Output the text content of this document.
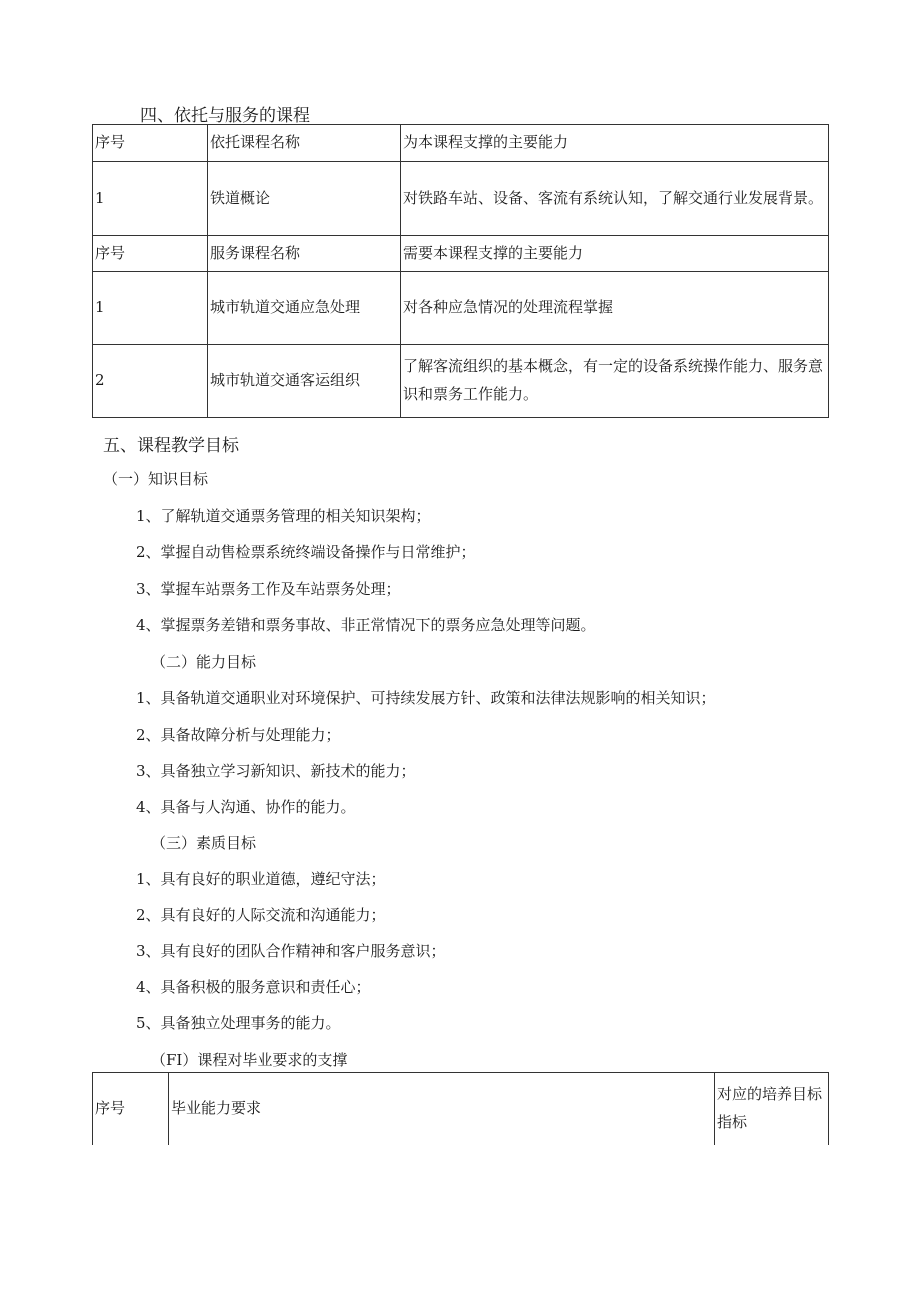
四、依托与服务的课程
序号	依托课程名称	为本课程支撑的主要能力
1	铁道概论	对铁路车站、设备、客流有系统认知，了解交通行业发展背景。
序号	服务课程名称	需要本课程支撑的主要能力
1	城市轨道交通应急处理	对各种应急情况的处理流程掌握
2	城市轨道交通客运组织	了解客流组织的基本概念，有一定的设备系统操作能力、服务意识和票务工作能力。
五、课程教学目标
（一）知识目标
1、了解轨道交通票务管理的相关知识架构；
2、掌握自动售检票系统终端设备操作与日常维护；
3、掌握车站票务工作及车站票务处理；
4、掌握票务差错和票务事故、非正常情况下的票务应急处理等问题。
（二）能力目标
1、具备轨道交通职业对环境保护、可持续发展方针、政策和法律法规影响的相关知识；
2、具备故障分析与处理能力；
3、具备独立学习新知识、新技术的能力；
4、具备与人沟通、协作的能力。
（三）素质目标
1、具有良好的职业道德，遵纪守法；
2、具有良好的人际交流和沟通能力；
3、具有良好的团队合作精神和客户服务意识；
4、具备积极的服务意识和责任心；
5、具备独立处理事务的能力。
（FI）课程对毕业要求的支撑
序号	毕业能力要求	对应的培养目标指标
